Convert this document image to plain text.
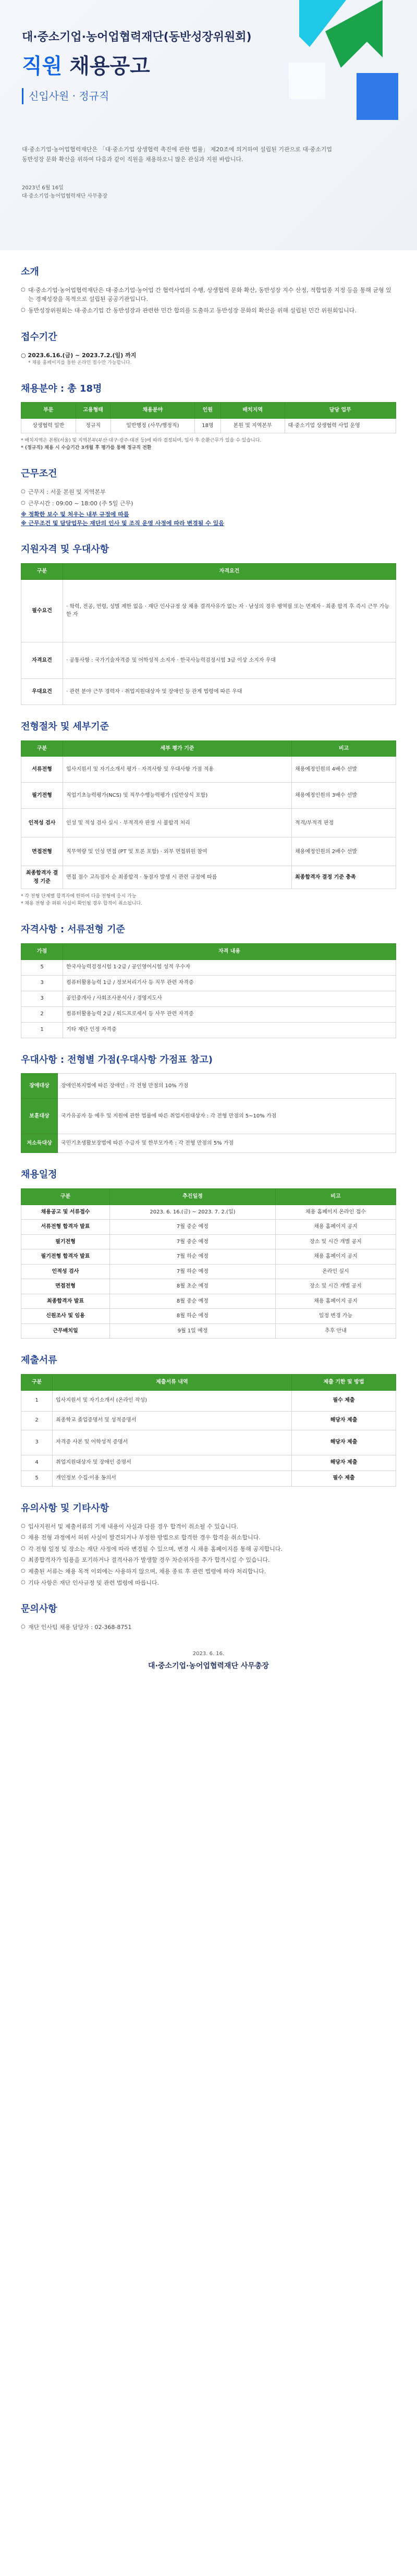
대·중소기업·농어업협력재단(동반성장위원회)
직원 채용공고
신입사원 · 정규직
대·중소기업·농어업협력재단은 「대·중소기업 상생협력 촉진에 관한 법률」 제20조에 의거하여 설립된 기관으로 대·중소기업
동반성장 문화 확산을 위하여 다음과 같이 직원을 채용하오니 많은 관심과 지원 바랍니다.
2023년 6월 16일
대·중소기업·농어업협력재단 사무총장
소개
○ 대·중소기업·농어업협력재단은 대·중소기업·농어업 간 협력사업의 수행, 상생협력 문화 확산, 동반성장 지수 산정, 적합업종 지정 등을 통해 균형 있는 경제성장을 목적으로 설립된 공공기관입니다.
○ 동반성장위원회는 대·중소기업 간 동반성장과 관련한 민간 합의를 도출하고 동반성장 문화의 확산을 위해 설립된 민간 위원회입니다.
접수기간
○ 2023.6.16.(금) ~ 2023.7.2.(일) 까지
* 채용 홈페이지를 통한 온라인 접수만 가능합니다.
채용분야 : 총 18명
부문	고용형태	채용분야	인원	배치지역	담당 업무
상생협력 일반	정규직	일반행정 (사무/행정직)	18명	본원 및 지역본부	대·중소기업 상생협력 사업 운영
* 배치지역은 본원(서울) 및 지역본부(부산·대구·광주·대전 등)에 따라 결정되며, 입사 후 순환근무가 있을 수 있습니다.
* (정규직) 채용 시 수습기간 3개월 후 평가를 통해 정규직 전환
근무조건
○ 근무지 : 서울 본원 및 지역본부
○ 근무시간 : 09:00 ~ 18:00 (주 5일 근무)
※ 정확한 보수 및 처우는 내부 규정에 따름
※ 근무조건 및 담당업무는 재단의 인사 및 조직 운영 사정에 따라 변경될 수 있음
지원자격 및 우대사항
구분	자격요건
필수요건	· 학력, 전공, 연령, 성별 제한 없음 · 재단 인사규정 상 채용 결격사유가 없는 자 · 남성의 경우 병역필 또는 면제자 · 최종 합격 후 즉시 근무 가능한 자
자격요건	· 공통사항 : 국가기술자격증 및 어학성적 소지자 · 한국사능력검정시험 3급 이상 소지자 우대
우대요건	· 관련 분야 근무 경력자 · 취업지원대상자 및 장애인 등 관계 법령에 따른 우대
전형절차 및 세부기준
구분	세부 평가 기준	비고
서류전형	입사지원서 및 자기소개서 평가 · 자격사항 및 우대사항 가점 적용	채용예정인원의 4배수 선발
필기전형	직업기초능력평가(NCS) 및 직무수행능력평가 (일반상식 포함)	채용예정인원의 3배수 선발
인적성 검사	인성 및 적성 검사 실시 · 부적격자 판정 시 불합격 처리	적격/부적격 판정
면접전형	직무역량 및 인성 면접 (PT 및 토론 포함) · 외부 면접위원 참여	채용예정인원의 2배수 선발
최종합격자 결정 기준	면접 점수 고득점자 순 최종합격 · 동점자 발생 시 관련 규정에 따름	최종합격자 결정 기준 충족
* 각 전형 단계별 합격자에 한하여 다음 전형에 응시 가능
* 채용 전형 중 허위 사실이 확인될 경우 합격이 취소됩니다.
자격사항 : 서류전형 기준
가점	자격 내용
5	한국사능력검정시험 1·2급 / 공인영어시험 성적 우수자
3	컴퓨터활용능력 1급 / 정보처리기사 등 직무 관련 자격증
3	공인중개사 / 사회조사분석사 / 경영지도사
2	컴퓨터활용능력 2급 / 워드프로세서 등 사무 관련 자격증
1	기타 재단 인정 자격증
우대사항 : 전형별 가점(우대사항 가점표 참고)
장애대상	장애인복지법에 따른 장애인 : 각 전형 만점의 10% 가점
보훈대상	국가유공자 등 예우 및 지원에 관한 법률에 따른 취업지원대상자 : 각 전형 만점의 5~10% 가점
저소득대상	국민기초생활보장법에 따른 수급자 및 한부모가족 : 각 전형 만점의 5% 가점
채용일정
구분	추진일정	비고
채용공고 및 서류접수	2023. 6. 16.(금) ~ 2023. 7. 2.(일)	채용 홈페이지 온라인 접수
서류전형 합격자 발표	7월 중순 예정	채용 홈페이지 공지
필기전형	7월 중순 예정	장소 및 시간 개별 공지
필기전형 합격자 발표	7월 하순 예정	채용 홈페이지 공지
인적성 검사	7월 하순 예정	온라인 실시
면접전형	8월 초순 예정	장소 및 시간 개별 공지
최종합격자 발표	8월 중순 예정	채용 홈페이지 공지
신원조사 및 임용	8월 하순 예정	일정 변경 가능
근무배치일	9월 1일 예정	추후 안내
제출서류
구분	제출서류 내역	제출 기한 및 방법
1	입사지원서 및 자기소개서 (온라인 작성)	필수 제출
2	최종학교 졸업증명서 및 성적증명서	해당자 제출
3	자격증 사본 및 어학성적 증명서	해당자 제출
4	취업지원대상자 및 장애인 증명서	해당자 제출
5	개인정보 수집·이용 동의서	필수 제출
유의사항 및 기타사항
○ 입사지원서 및 제출서류의 기재 내용이 사실과 다를 경우 합격이 취소될 수 있습니다.
○ 채용 전형 과정에서 허위 사실이 발견되거나 부정한 방법으로 합격한 경우 합격을 취소합니다.
○ 각 전형 일정 및 장소는 재단 사정에 따라 변경될 수 있으며, 변경 시 채용 홈페이지를 통해 공지합니다.
○ 최종합격자가 임용을 포기하거나 결격사유가 발생할 경우 차순위자를 추가 합격시킬 수 있습니다.
○ 제출된 서류는 채용 목적 이외에는 사용하지 않으며, 채용 종료 후 관련 법령에 따라 처리합니다.
○ 기타 사항은 재단 인사규정 및 관련 법령에 따릅니다.
문의사항
○ 재단 인사팀 채용 담당자 : 02-368-8751
2023. 6. 16.
대·중소기업·농어업협력재단 사무총장
